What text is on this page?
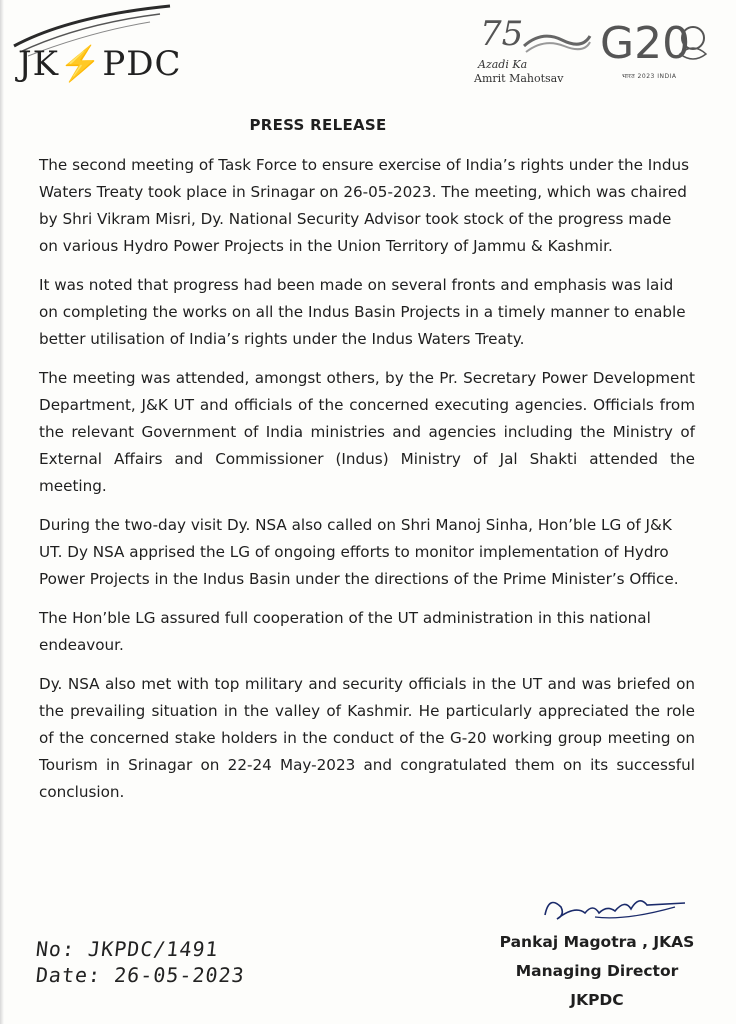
JK⚡PDC
75
Azadi Ka
Amrit Mahotsav
G20
भारत 2023 INDIA
PRESS RELEASE

The second meeting of Task Force to ensure exercise of India’s rights under the Indus Waters Treaty took place in Srinagar on 26-05-2023. The meeting, which was chaired by Shri Vikram Misri, Dy. National Security Advisor took stock of the progress made on various Hydro Power Projects in the Union Territory of Jammu & Kashmir.

It was noted that progress had been made on several fronts and emphasis was laid on completing the works on all the Indus Basin Projects in a timely manner to enable better utilisation of India’s rights under the Indus Waters Treaty.

The meeting was attended, amongst others, by the Pr. Secretary Power Development Department, J&K UT and officials of the concerned executing agencies. Officials from the relevant Government of India ministries and agencies including the Ministry of External Affairs and Commissioner (Indus) Ministry of Jal Shakti attended the meeting.

During the two-day visit Dy. NSA also called on Shri Manoj Sinha, Hon’ble LG of J&K UT. Dy NSA apprised the LG of ongoing efforts to monitor implementation of Hydro Power Projects in the Indus Basin under the directions of the Prime Minister’s Office.

The Hon’ble LG assured full cooperation of the UT administration in this national endeavour.

Dy. NSA also met with top military and security officials in the UT and was briefed on the prevailing situation in the valley of Kashmir. He particularly appreciated the role of the concerned stake holders in the conduct of the G-20 working group meeting on Tourism in Srinagar on 22-24 May-2023 and congratulated them on its successful conclusion.

No: JKPDC/1491
Date: 26-05-2023
Pankaj Magotra , JKAS
Managing Director
JKPDC
